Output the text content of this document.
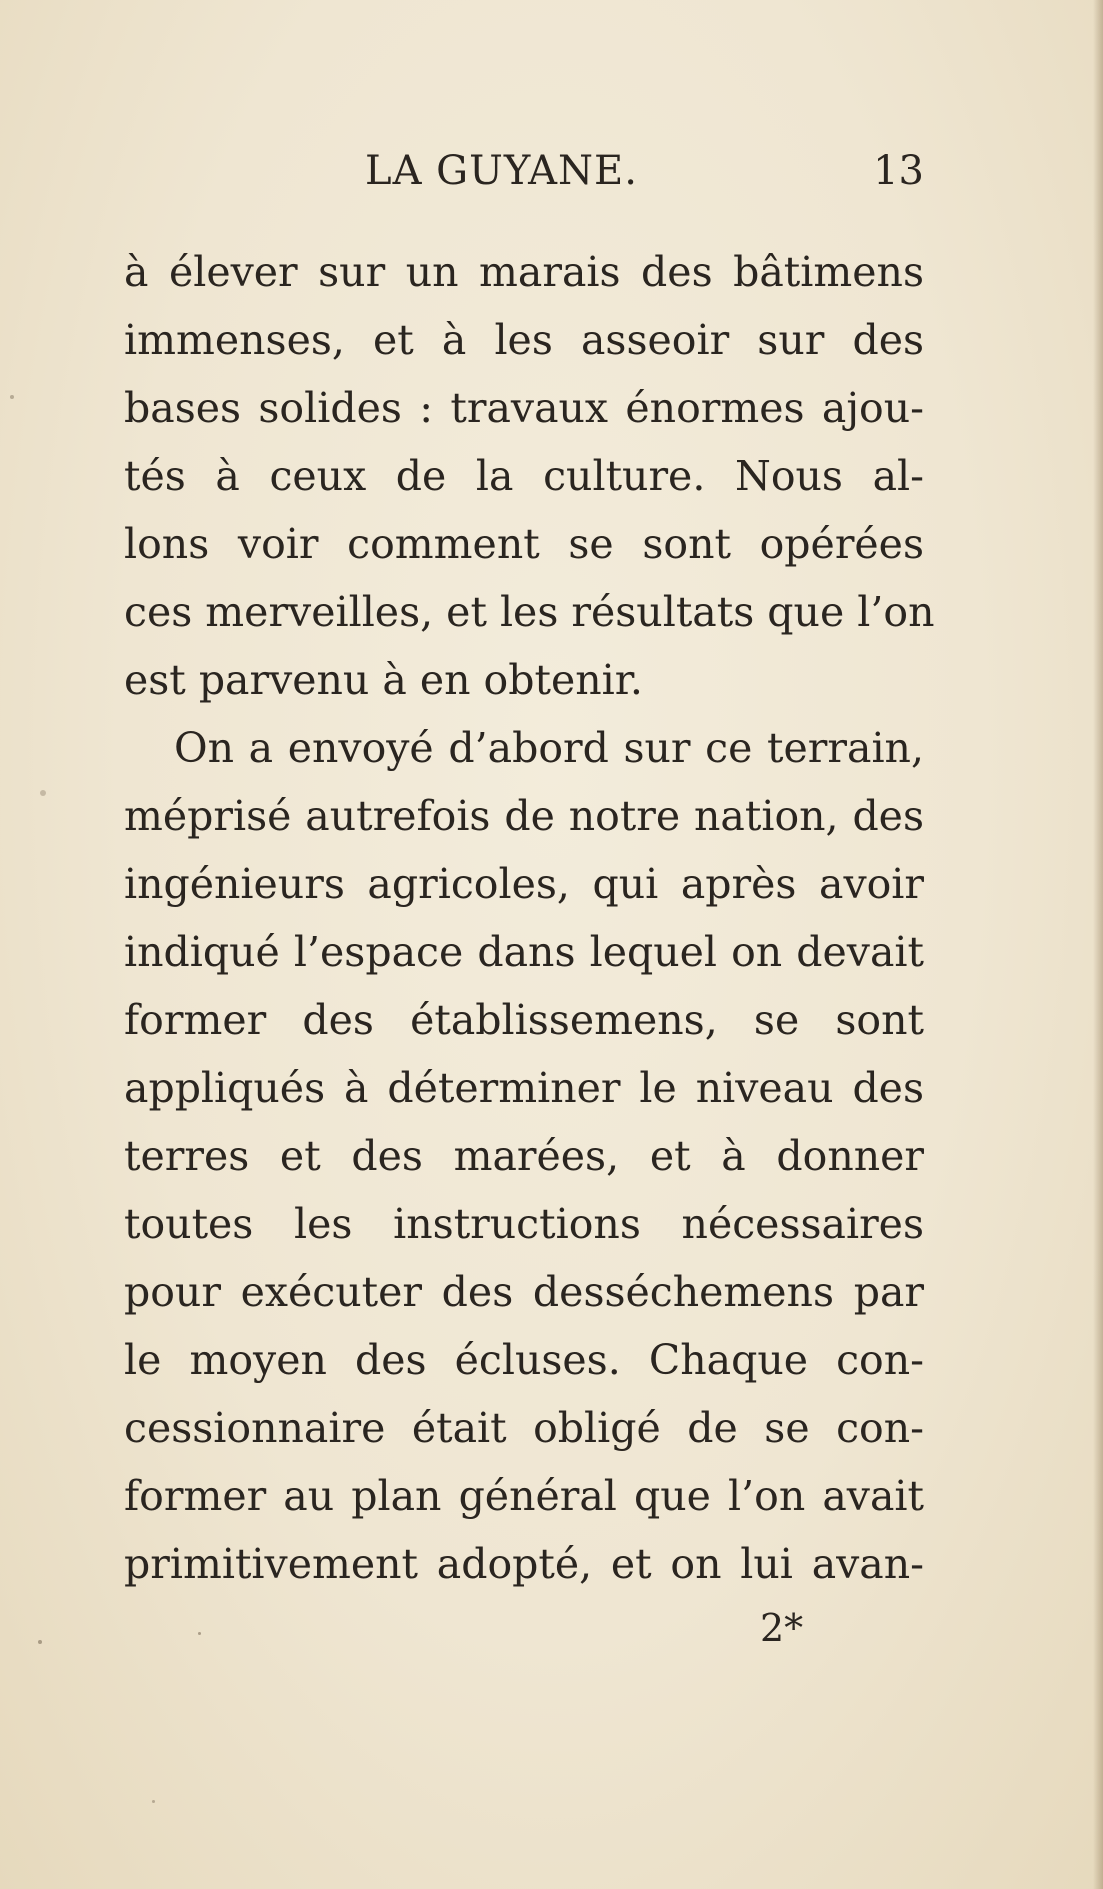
LA GUYANE.	13
à élever sur un marais des bâtimens
immenses, et à les asseoir sur des
bases solides : travaux énormes ajou-
tés à ceux de la culture. Nous al-
lons voir comment se sont opérées
ces merveilles, et les résultats que l’on
est parvenu à en obtenir.
On a envoyé d’abord sur ce terrain,
méprisé autrefois de notre nation, des
ingénieurs agricoles, qui après avoir
indiqué l’espace dans lequel on devait
former des établissemens, se sont
appliqués à déterminer le niveau des
terres et des marées, et à donner
toutes les instructions nécessaires
pour exécuter des desséchemens par
le moyen des écluses. Chaque con-
cessionnaire était obligé de se con-
former au plan général que l’on avait
primitivement adopté, et on lui avan-
2*
